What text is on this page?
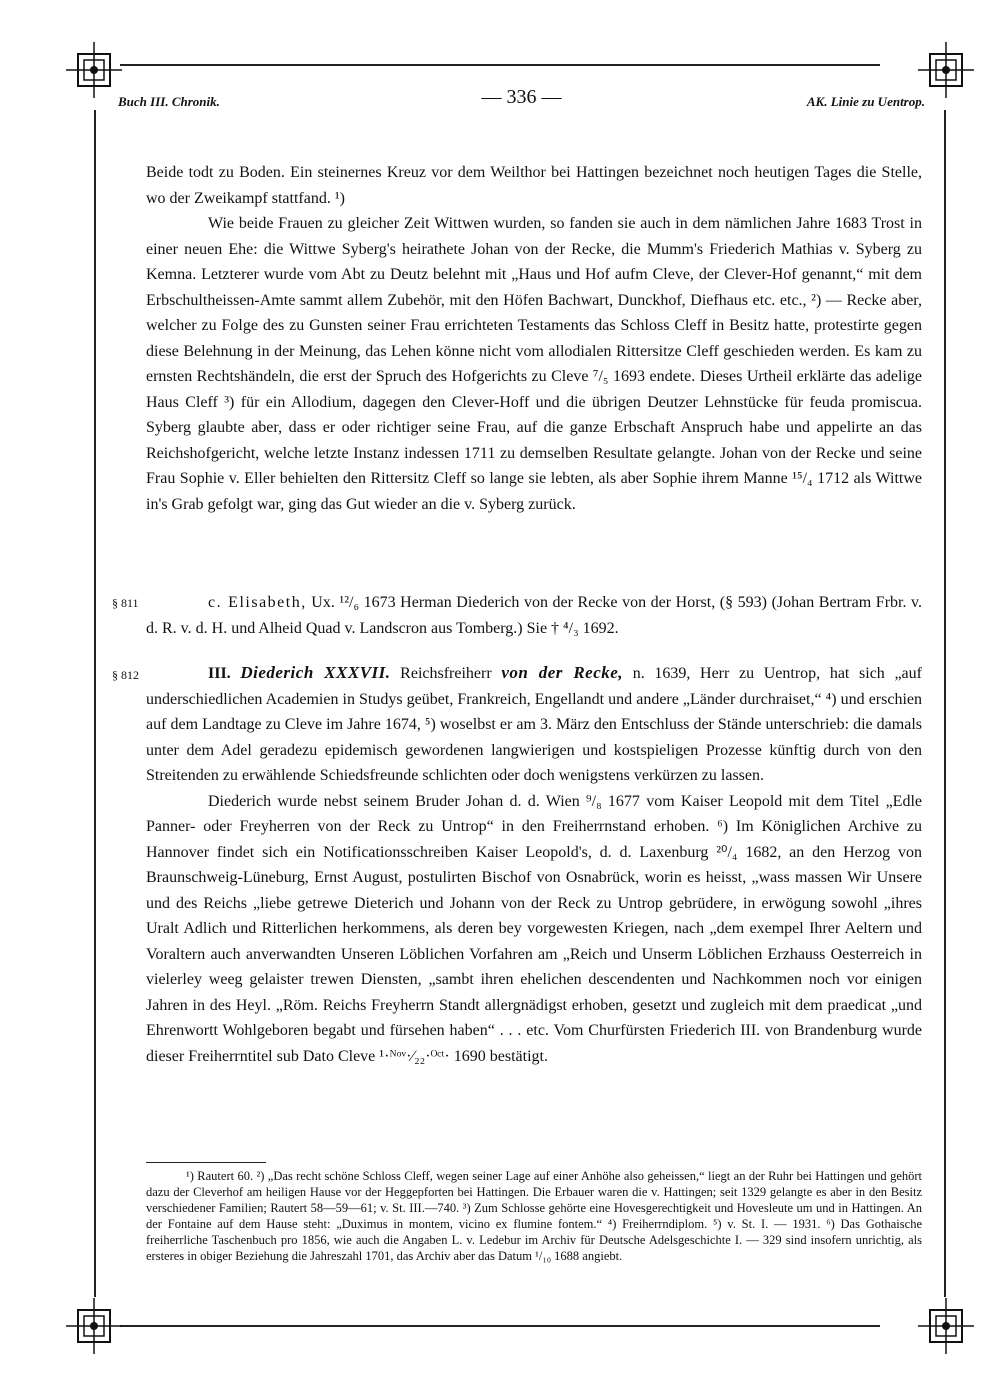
Buch III. Chronik.	— 336 —	AK. Linie zu Uentrop.

Beide todt zu Boden. Ein steinernes Kreuz vor dem Weilthor bei Hattingen bezeichnet noch heutigen Tages die Stelle, wo der Zweikampf stattfand. ¹)

Wie beide Frauen zu gleicher Zeit Wittwen wurden, so fanden sie auch in dem nämlichen Jahre 1683 Trost in einer neuen Ehe: die Wittwe Syberg's heirathete Johan von der Recke, die Mumm's Friederich Mathias v. Syberg zu Kemna. Letzterer wurde vom Abt zu Deutz belehnt mit „Haus und Hof aufm Cleve, der Clever-Hof genannt,“ mit dem Erbschultheissen-Amte sammt allem Zubehör, mit den Höfen Bachwart, Dunckhof, Diefhaus etc. etc., ²) — Recke aber, welcher zu Folge des zu Gunsten seiner Frau errichteten Testaments das Schloss Cleff in Besitz hatte, protestirte gegen diese Belehnung in der Meinung, das Lehen könne nicht vom allodialen Rittersitze Cleff geschieden werden. Es kam zu ernsten Rechtshändeln, die erst der Spruch des Hofgerichts zu Cleve ⁷/₅ 1693 endete. Dieses Urtheil erklärte das adelige Haus Cleff ³) für ein Allodium, dagegen den Clever-Hoff und die übrigen Deutzer Lehnstücke für feuda promiscua. Syberg glaubte aber, dass er oder richtiger seine Frau, auf die ganze Erbschaft Anspruch habe und appelirte an das Reichshofgericht, welche letzte Instanz indessen 1711 zu demselben Resultate gelangte. Johan von der Recke und seine Frau Sophie v. Eller behielten den Rittersitz Cleff so lange sie lebten, als aber Sophie ihrem Manne ¹⁵/₄ 1712 als Wittwe in's Grab gefolgt war, ging das Gut wieder an die v. Syberg zurück.

§ 811	c. Elisabeth, Ux. ¹²/₆ 1673 Herman Diederich von der Recke von der Horst, (§ 593) (Johan Bertram Frbr. v. d. R. v. d. H. und Alheid Quad v. Landscron aus Tomberg.) Sie † ⁴/₃ 1692.

§ 812	III. Diederich XXXVII. Reichsfreiherr von der Recke, n. 1639, Herr zu Uentrop, hat sich „auf underschiedlichen Academien in Studys geübet, Frankreich, Engellandt und andere „Länder durchraiset,“ ⁴) und erschien auf dem Landtage zu Cleve im Jahre 1674, ⁵) woselbst er am 3. März den Entschluss der Stände unterschrieb: die damals unter dem Adel geradezu epidemisch gewordenen langwierigen und kostspieligen Prozesse künftig durch von den Streitenden zu erwählende Schiedsfreunde schlichten oder doch wenigstens verkürzen zu lassen.

Diederich wurde nebst seinem Bruder Johan d. d. Wien ⁹/₈ 1677 vom Kaiser Leopold mit dem Titel „Edle Panner- oder Freyherren von der Reck zu Untrop“ in den Freiherrnstand erhoben. ⁶) Im Königlichen Archive zu Hannover findet sich ein Notificationsschreiben Kaiser Leopold's, d. d. Laxenburg ²⁰/₄ 1682, an den Herzog von Braunschweig-Lüneburg, Ernst August, postulirten Bischof von Osnabrück, worin es heisst, „wass massen Wir Unsere und des Reichs „liebe getrewe Dieterich und Johann von der Reck zu Untrop gebrüdere, in erwögung sowohl „ihres Uralt Adlich und Ritterlichen herkommens, als deren bey vorgewesten Kriegen, nach „dem exempel Ihrer Aeltern und Voraltern auch anverwandten Unseren Löblichen Vorfahren am „Reich und Unserm Löblichen Erzhauss Oesterreich in vielerley weeg gelaister trewen Diensten, „sambt ihren ehelichen descendenten und Nachkommen noch vor einigen Jahren in des Heyl. „Röm. Reichs Freyherrn Standt allergnädigst erhoben, gesetzt und zugleich mit dem praedicat „und Ehrenwortt Wohlgeboren begabt und fürsehen haben“ . . . etc. Vom Churfürsten Friederich III. von Brandenburg wurde dieser Freiherrntitel sub Dato Cleve ¹·ᴺᵒᵛ·⁄₂₂·ᴼᶜᵗ· 1690 bestätigt.

¹) Rautert 60. ²) „Das recht schöne Schloss Cleff, wegen seiner Lage auf einer Anhöhe also geheissen,“ liegt an der Ruhr bei Hattingen und gehört dazu der Cleverhof am heiligen Hause vor der Heggepforten bei Hattingen. Die Erbauer waren die v. Hattingen; seit 1329 gelangte es aber in den Besitz verschiedener Familien; Rautert 58—59—61; v. St. III.—740. ³) Zum Schlosse gehörte eine Hovesgerechtigkeit und Hovesleute um und in Hattingen. An der Fontaine auf dem Hause steht: „Duximus in montem, vicino ex flumine fontem.“ ⁴) Freiherrndiplom. ⁵) v. St. I. — 1931. ⁶) Das Gothaische freiherrliche Taschenbuch pro 1856, wie auch die Angaben L. v. Ledebur im Archiv für Deutsche Adelsgeschichte I. — 329 sind insofern unrichtig, als ersteres in obiger Beziehung die Jahreszahl 1701, das Archiv aber das Datum ¹/₁₀ 1688 angiebt.
